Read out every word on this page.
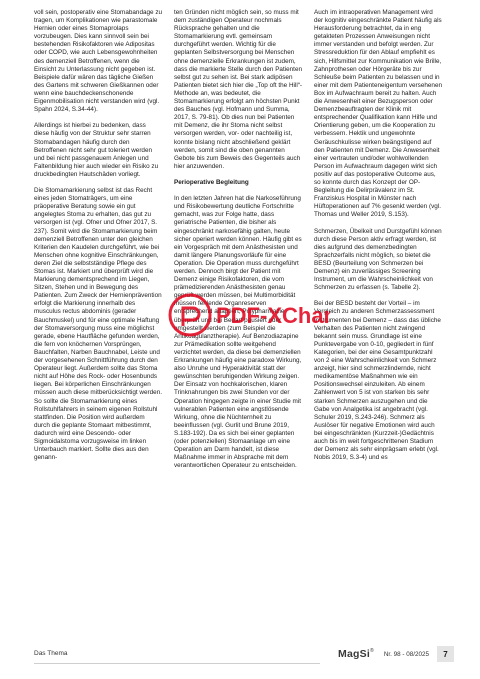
voll sein, postoperativ eine Stomabandage zu tragen, um Komplikationen wie parastomale Hernien oder eines Stomaprolaps vorzubeugen. Dies kann sinnvoll sein bei bestehenden Risikofaktoren wie Adipositas oder COPD, wie auch Lebensgewohnheiten des demenziell Betroffenen, wenn die Einsicht zu Unterlassung nicht gegeben ist. Beispiele dafür wären das tägliche Gießen des Gartens mit schweren Gießkannen oder wenn eine bauchdeckenschonende Eigenmobilisation nicht verstanden wird (vgl. Spahn 2024, S.34-44).

Allerdings ist hierbei zu bedenken, dass diese häufig von der Struktur sehr starren Stomabandagen häufig durch den Betroffenen nicht sehr gut toleriert werden und bei nicht passgenauem Anlegen und Faltenbildung hier auch wieder ein Risiko zu druckbedingten Hautschäden vorliegt.

Die Stomamarkierung selbst ist das Recht eines jeden Stomaträgers, um eine präoperative Beratung sowie ein gut angelegtes Stoma zu erhalten, das gut zu versorgen ist (vgl. Ofner und Ofner 2017, S. 237). Somit wird die Stomamarkierung beim demenziell Betroffenen unter den gleichen Kriterien den Kaudelen durchgeführt, wie bei Menschen ohne kognitive Einschränkungen, deren Ziel die selbstständige Pflege des Stomas ist. Markiert und überprüft wird die Markierung dementsprechend im Liegen, Sitzen, Stehen und in Bewegung des Patienten. Zum Zweck der Hernienprävention erfolgt die Markierung innerhalb des musculus rectus abdominis (gerader Bauchmuskel) und für eine optimale Haftung der Stomaversorgung muss eine möglichst gerade, ebene Hautfläche gefunden werden, die fern von knöchernen Vorsprüngen, Bauchfalten, Narben Bauchnabel, Leiste und der vorgesehenen Schnittführung durch den Operateur liegt. Außerdem sollte das Stoma nicht auf Höhe des Rock- oder Hosenbunds liegen. Bei körperlichen Einschränkungen müssen auch diese mitberücksichtigt werden. So sollte die Stomamarkierung eines Rollstuhlfahrers in seinem eigenen Rollstuhl stattfinden. Die Position wird außerdem durch die geplante Stomaart mitbestimmt, dadurch wird eine Descendo- oder Sigmoidalstoma vorzugsweise im linken Unterbauch markiert. Sollte dies aus den genann-

ten Gründen nicht möglich sein, so muss mit dem zuständigen Operateur nochmals Rücksprache gehalten und die Stomamarkierung evtl. gemeinsam durchgeführt werden. Wichtig für die geplanten Selbstversorgung bei Menschen ohne demenzielle Erkrankungen ist zudem, dass die markierte Stelle durch den Patienten selbst gut zu sehen ist. Bei stark adipösen Patienten bietet sich hier die „Top oft the Hill“-Methode an, was bedeutet, die Stomamarkierung erfolgt am höchsten Punkt des Bauches (vgl. Hofmann und Summa, 2017, S. 79-81). Ob dies nun bei Patienten mit Demenz, die ihr Stoma nicht selbst versorgen werden, vor- oder nachteilig ist, konnte bislang nicht abschließend geklärt werden, somit sind die oben genannten Gebote bis zum Beweis des Gegenteils auch hier anzuwenden.

Perioperative Begleitung

In den letzten Jahren hat die Narkoseführung und Risikobewertung deutliche Fortschritte gemacht, was zur Folge hatte, dass geriatrische Patienten, die bisher als eingeschränkt narkosefähig galten, heute sicher operiert werden können. Häufig gibt es ein Vorgespräch mit dem Anästhesisten und damit längere Planungsvorläufe für eine Operation. Die Operation muss durchgeführt werden. Dennoch birgt der Patient mit Demenz einige Risikofaktoren, die vom prämedizierenden Anästhesisten genau geprüft werden müssen, bei Multimorbidität müssen fehlende Organreserven entsprechend adaptiert, Polypharmazie überprüft und bei Bedarf pausiert oder umgestellt werden (zum Beispiel die Antikoagulanztherapie). Auf Benzodiazapine zur Prämedikation sollte weitgehend verzichtet werden, da diese bei demenziellen Erkrankungen häufig eine paradoxe Wirkung, also Unruhe und Hyperaktivität statt der gewünschten beruhigenden Wirkung zeigen. Der Einsatz von hochkalorischen, klaren Trinknahrungen bis zwei Stunden vor der Operation hingegen zeigte in einer Studie mit vulnerablen Patienten eine angstlösende Wirkung, ohne die Nüchternheit zu beeinflussen (vgl. Gurlit und Brune 2019, S.183-192). Da es sich bei einer geplanten (oder potenziellen) Stomaanlage um eine Operation am Darm handelt, ist diese Maßnahme immer in Absprache mit dem verantwortlichen Operateur zu entscheiden.

Auch im intraoperativen Management wird der kognitiv eingeschränkte Patient häufig als Herausforderung betrachtet, da in eng getakteten Prozessen Anweisungen nicht immer verstanden und befolgt werden. Zur Stressreduktion für den Ablauf empfiehlt es sich, Hilfsmittel zur Kommunikation wie Brille, Zahnprothesen oder Hörgeräte bis zur Schleuße beim Patienten zu belassen und in einer mit dem Patienteneigentum versehenen Box im Aufwachraum bereit zu halten. Auch die Anwesenheit einer Bezugsperson oder Demenzbeauftragten der Klinik mit entsprechender Qualifikation kann Hilfe und Orientierung geben, um die Kooperation zu verbessern. Hektik und ungewohnte Geräuschkulisse wirken beängstigend auf den Patienten mit Demenz. Die Anwesenheit einer vertrauten und/oder wohlwollenden Person im Aufwachraum dagegen wirkt sich positiv auf das postoperative Outcome aus, so konnte durch das Konzept der OP-Begleitung die Delirprävalenz im St. Franziskus Hospital in Münster nach Hüftoperationen auf 7% gesenkt werden (vgl. Thomas und Weller 2019, S.153).

Schmerzen, Übelkeit und Durstgefühl können durch diese Person aktiv erfragt werden, ist dies aufgrund des demenzbedingten Sprachzerfalls nicht möglich, so bietet die BESD (Beurteilung von Schmerzen bei Demenz) ein zuverlässiges Screening Instrument, um die Wahrscheinlichkeit von Schmerzen zu erfassen (s. Tabelle 2).

Bei der BESD besteht der Vorteil – im Vergleich zu anderen Schmerzassessment Instrumenten bei Demenz – dass das übliche Verhalten des Patienten nicht zwingend bekannt sein muss. Grundlage ist eine Punktevergabe von 0-10, gegliedert in fünf Kategorien, bei der eine Gesamtpunktzahl von 2 eine Wahrscheinlichkeit von Schmerz anzeigt, hier sind schmerzlindernde, nicht medikamentöse Maßnahmen wie ein Positionswechsel einzuleiten. Ab einem Zahlenwert von 5 ist von starken bis sehr starken Schmerzen auszugehen und die Gabe von Analgetika ist angebracht (vgl. Schuler 2019, S.243-246). Schmerz als Auslöser für negative Emotionen wird auch bei eingeschränkten (Kurzzeit-)Gedächtnis auch bis im weit fortgeschrittenen Stadium der Demenz als sehr einprägsam erlebt (vgl. Nobis 2019, S.3-4) und es

PDF-XCha
Das Thema	MagSi® Nr. 98 - 08/2025	7
